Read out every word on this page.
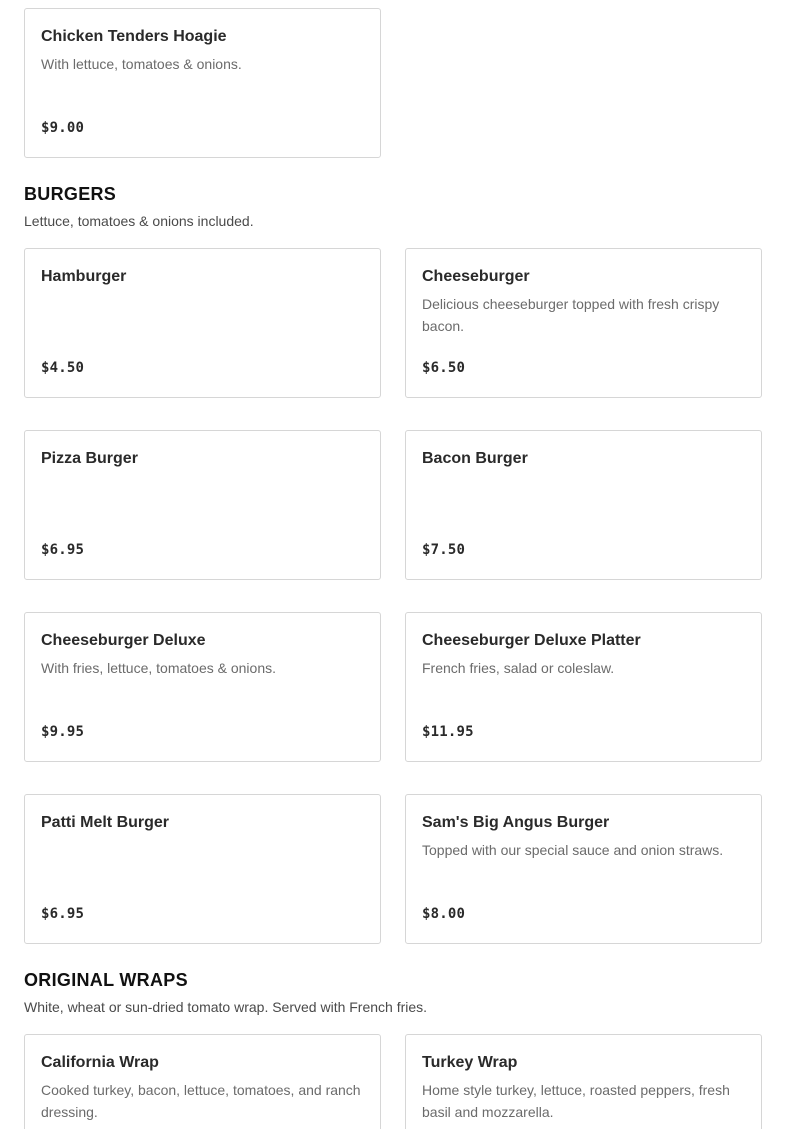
Chicken Tenders Hoagie
With lettuce, tomatoes & onions.
$9.00
BURGERS
Lettuce, tomatoes & onions included.
Hamburger
$4.50
Cheeseburger
Delicious cheeseburger topped with fresh crispy bacon.
$6.50
Pizza Burger
$6.95
Bacon Burger
$7.50
Cheeseburger Deluxe
With fries, lettuce, tomatoes & onions.
$9.95
Cheeseburger Deluxe Platter
French fries, salad or coleslaw.
$11.95
Patti Melt Burger
$6.95
Sam's Big Angus Burger
Topped with our special sauce and onion straws.
$8.00
ORIGINAL WRAPS
White, wheat or sun-dried tomato wrap. Served with French fries.
California Wrap
Cooked turkey, bacon, lettuce, tomatoes, and ranch dressing.
Turkey Wrap
Home style turkey, lettuce, roasted peppers, fresh basil and mozzarella.
